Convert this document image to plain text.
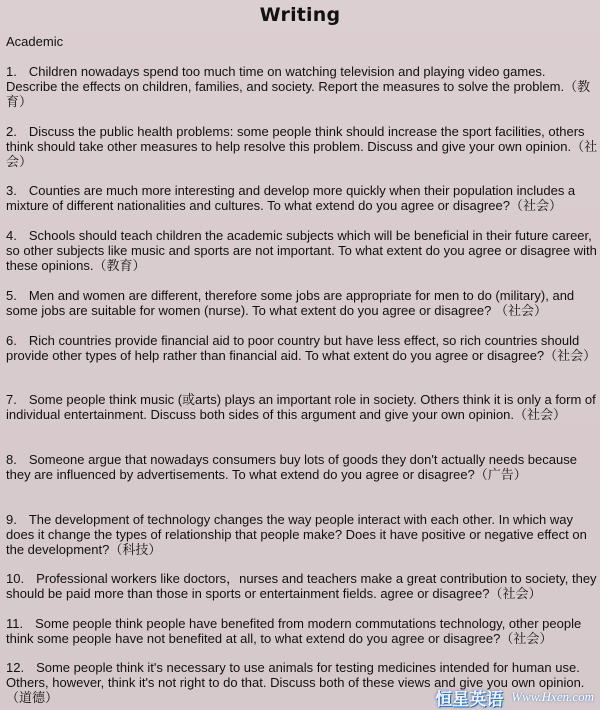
Writing
Academic
1. Children nowadays spend too much time on watching television and playing video games. Describe the effects on children, families, and society. Report the measures to solve the problem.（教育）
2. Discuss the public health problems: some people think should increase the sport facilities, others think should take other measures to help resolve this problem. Discuss and give your own opinion.（社会）
3. Counties are much more interesting and develop more quickly when their population includes a mixture of different nationalities and cultures. To what extend do you agree or disagree?（社会）
4. Schools should teach children the academic subjects which will be beneficial in their future career, so other subjects like music and sports are not important. To what extent do you agree or disagree with these opinions.（教育）
5. Men and women are different, therefore some jobs are appropriate for men to do (military), and some jobs are suitable for women (nurse). To what extent do you agree or disagree? （社会）
6. Rich countries provide financial aid to poor country but have less effect, so rich countries should provide other types of help rather than financial aid. To what extent do you agree or disagree?（社会）
7. Some people think music (或arts) plays an important role in society. Others think it is only a form of individual entertainment. Discuss both sides of this argument and give your own opinion.（社会）
8. Someone argue that nowadays consumers buy lots of goods they don't actually needs because they are influenced by advertisements. To what extend do you agree or disagree?（广告）
9. The development of technology changes the way people interact with each other. In which way does it change the types of relationship that people make? Does it have positive or negative effect on the development?（科技）
10. Professional workers like doctors，nurses and teachers make a great contribution to society, they should be paid more than those in sports or entertainment fields. agree or disagree?（社会）
11. Some people think people have benefited from modern commutations technology, other people think some people have not benefited at all, to what extend do you agree or disagree?（社会）
12. Some people think it's necessary to use animals for testing medicines intended for human use. Others, however, think it's not right to do that. Discuss both of these views and give you own opinion.（道德）	恒星英语 Www.Hxen.com
